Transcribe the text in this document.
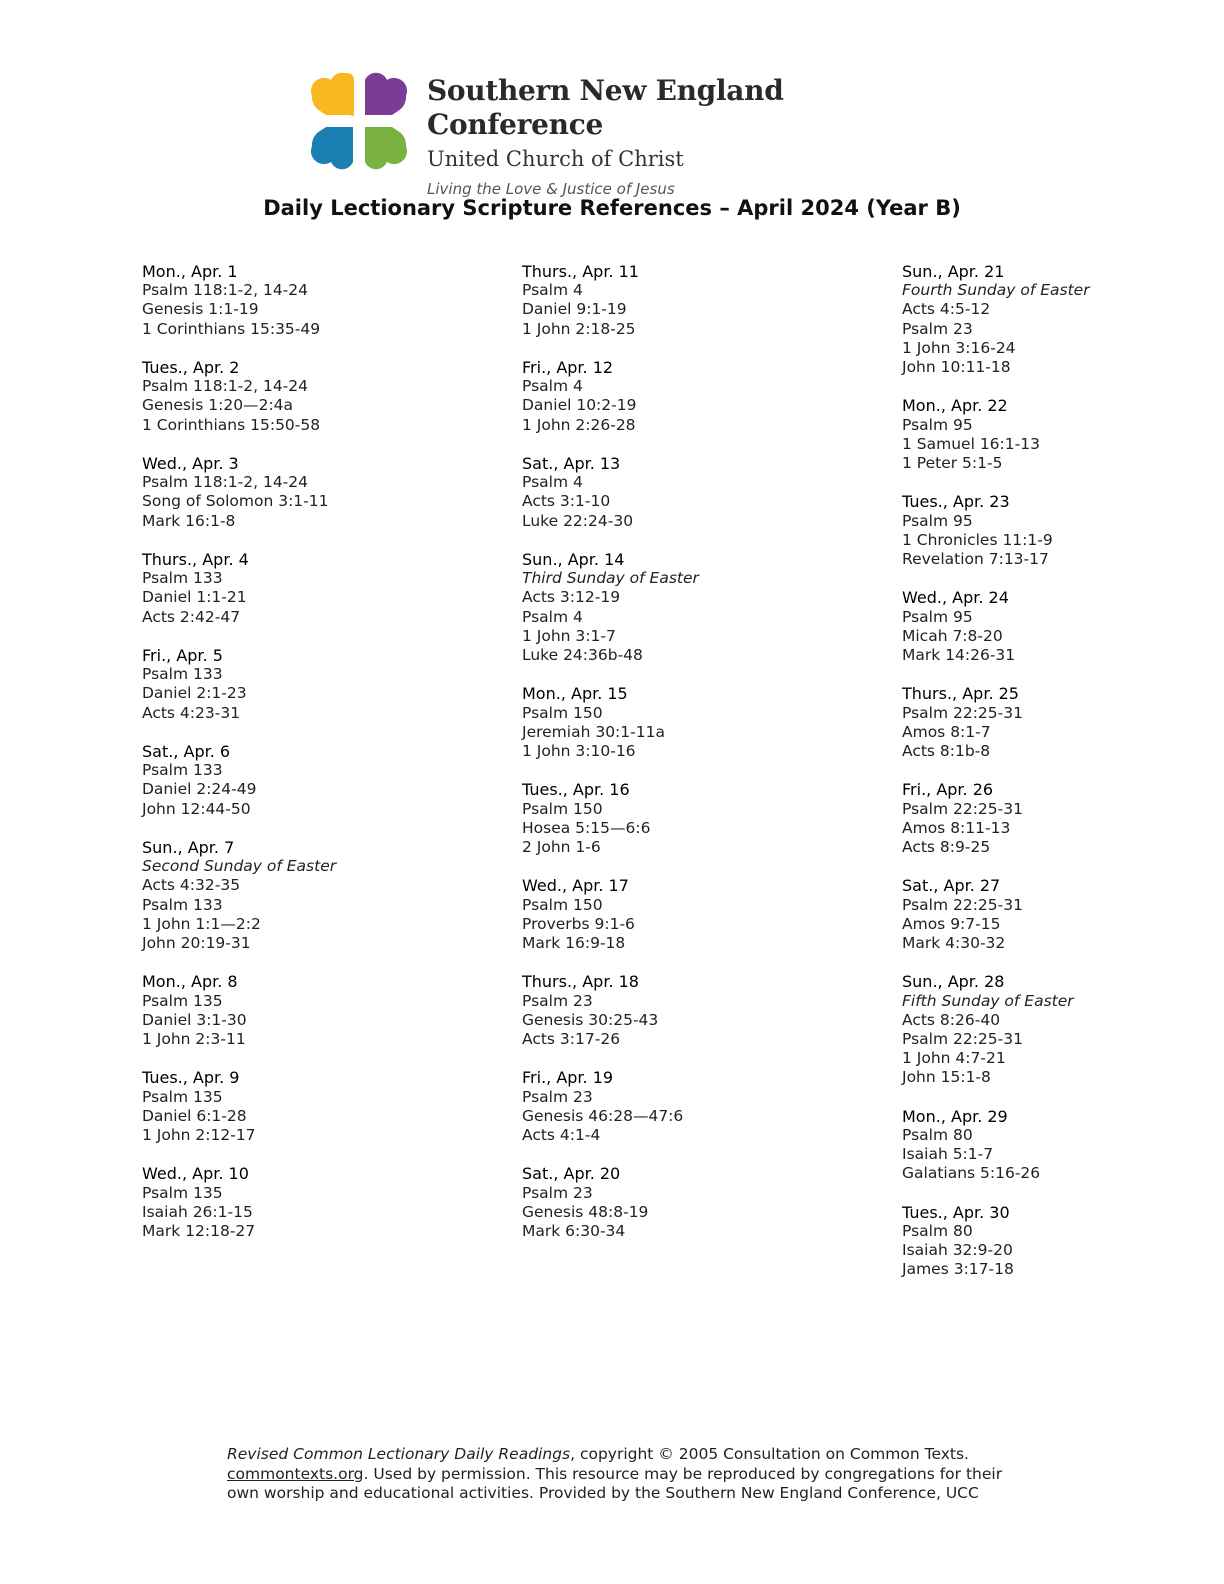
Southern New England Conference
United Church of Christ
Living the Love & Justice of Jesus
Daily Lectionary Scripture References – April 2024 (Year B)
Mon., Apr. 1
Psalm 118:1-2, 14-24
Genesis 1:1-19
1 Corinthians 15:35-49
Tues., Apr. 2
Psalm 118:1-2, 14-24
Genesis 1:20—2:4a
1 Corinthians 15:50-58
Wed., Apr. 3
Psalm 118:1-2, 14-24
Song of Solomon 3:1-11
Mark 16:1-8
Thurs., Apr. 4
Psalm 133
Daniel 1:1-21
Acts 2:42-47
Fri., Apr. 5
Psalm 133
Daniel 2:1-23
Acts 4:23-31
Sat., Apr. 6
Psalm 133
Daniel 2:24-49
John 12:44-50
Sun., Apr. 7
Second Sunday of Easter
Acts 4:32-35
Psalm 133
1 John 1:1—2:2
John 20:19-31
Mon., Apr. 8
Psalm 135
Daniel 3:1-30
1 John 2:3-11
Tues., Apr. 9
Psalm 135
Daniel 6:1-28
1 John 2:12-17
Wed., Apr. 10
Psalm 135
Isaiah 26:1-15
Mark 12:18-27
Thurs., Apr. 11
Psalm 4
Daniel 9:1-19
1 John 2:18-25
Fri., Apr. 12
Psalm 4
Daniel 10:2-19
1 John 2:26-28
Sat., Apr. 13
Psalm 4
Acts 3:1-10
Luke 22:24-30
Sun., Apr. 14
Third Sunday of Easter
Acts 3:12-19
Psalm 4
1 John 3:1-7
Luke 24:36b-48
Mon., Apr. 15
Psalm 150
Jeremiah 30:1-11a
1 John 3:10-16
Tues., Apr. 16
Psalm 150
Hosea 5:15—6:6
2 John 1-6
Wed., Apr. 17
Psalm 150
Proverbs 9:1-6
Mark 16:9-18
Thurs., Apr. 18
Psalm 23
Genesis 30:25-43
Acts 3:17-26
Fri., Apr. 19
Psalm 23
Genesis 46:28—47:6
Acts 4:1-4
Sat., Apr. 20
Psalm 23
Genesis 48:8-19
Mark 6:30-34
Sun., Apr. 21
Fourth Sunday of Easter
Acts 4:5-12
Psalm 23
1 John 3:16-24
John 10:11-18
Mon., Apr. 22
Psalm 95
1 Samuel 16:1-13
1 Peter 5:1-5
Tues., Apr. 23
Psalm 95
1 Chronicles 11:1-9
Revelation 7:13-17
Wed., Apr. 24
Psalm 95
Micah 7:8-20
Mark 14:26-31
Thurs., Apr. 25
Psalm 22:25-31
Amos 8:1-7
Acts 8:1b-8
Fri., Apr. 26
Psalm 22:25-31
Amos 8:11-13
Acts 8:9-25
Sat., Apr. 27
Psalm 22:25-31
Amos 9:7-15
Mark 4:30-32
Sun., Apr. 28
Fifth Sunday of Easter
Acts 8:26-40
Psalm 22:25-31
1 John 4:7-21
John 15:1-8
Mon., Apr. 29
Psalm 80
Isaiah 5:1-7
Galatians 5:16-26
Tues., Apr. 30
Psalm 80
Isaiah 32:9-20
James 3:17-18
Revised Common Lectionary Daily Readings, copyright © 2005 Consultation on Common Texts.
commontexts.org. Used by permission. This resource may be reproduced by congregations for their
own worship and educational activities. Provided by the Southern New England Conference, UCC
